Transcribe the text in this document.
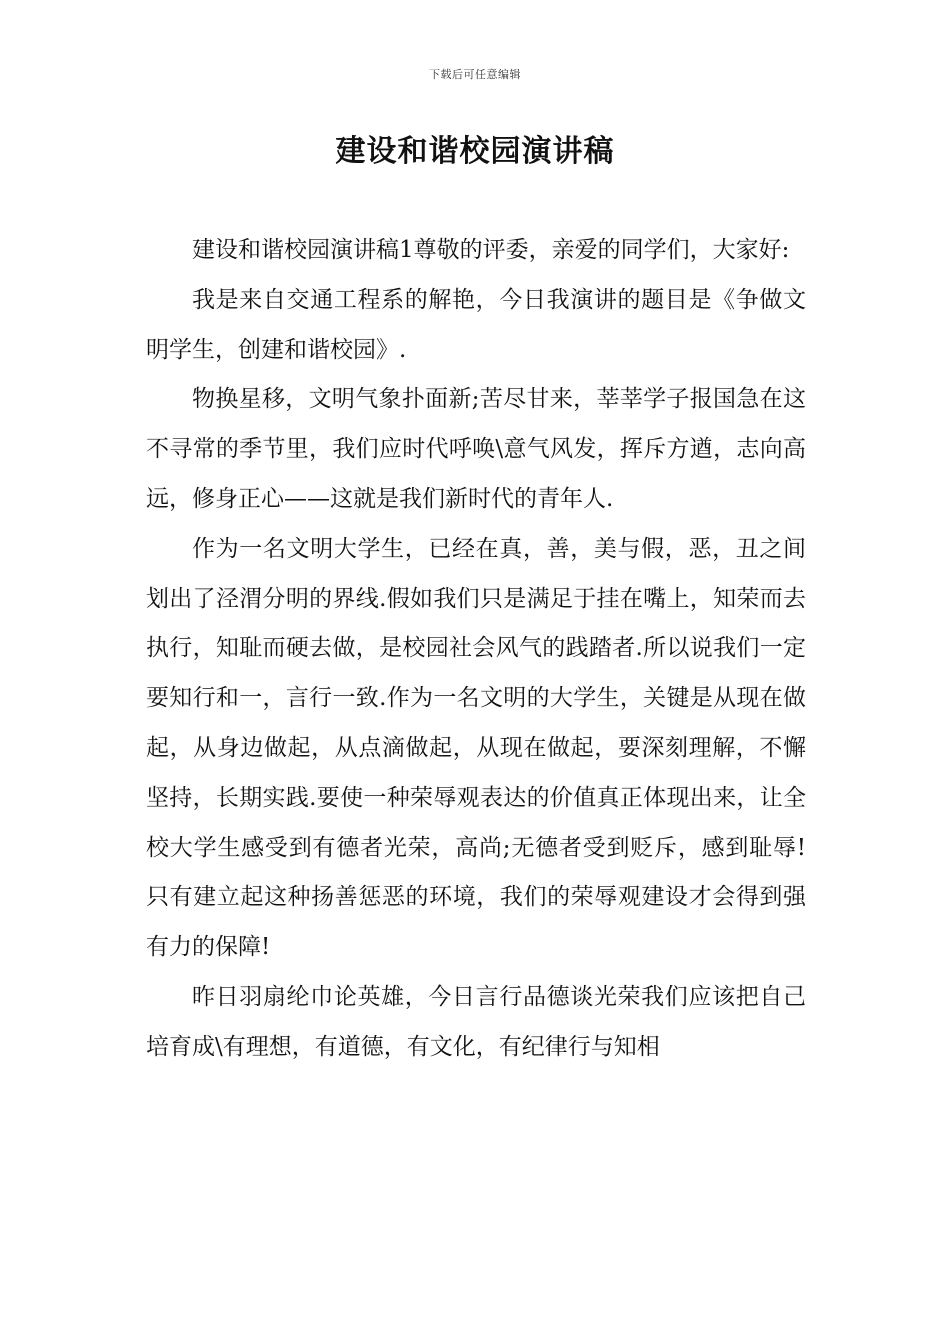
下载后可任意编辑
建设和谐校园演讲稿

建设和谐校园演讲稿1尊敬的评委，亲爱的同学们，大家好:

我是来自交通工程系的解艳，今日我演讲的题目是《争做文明学生，创建和谐校园》.

物换星移，文明气象扑面新;苦尽甘来，莘莘学子报国急在这不寻常的季节里，我们应时代呼唤\意气风发，挥斥方遒，志向高远，修身正心——这就是我们新时代的青年人.

作为一名文明大学生，已经在真，善，美与假，恶，丑之间划出了泾渭分明的界线.假如我们只是满足于挂在嘴上，知荣而去执行，知耻而硬去做，是校园社会风气的践踏者.所以说我们一定要知行和一，言行一致.作为一名文明的大学生，关键是从现在做起，从身边做起，从点滴做起，从现在做起，要深刻理解，不懈坚持，长期实践.要使一种荣辱观表达的价值真正体现出来，让全校大学生感受到有德者光荣，高尚;无德者受到贬斥，感到耻辱!只有建立起这种扬善惩恶的环境，我们的荣辱观建设才会得到强有力的保障!

昨日羽扇纶巾论英雄，今日言行品德谈光荣我们应该把自己培育成\有理想，有道德，有文化，有纪律行与知相
